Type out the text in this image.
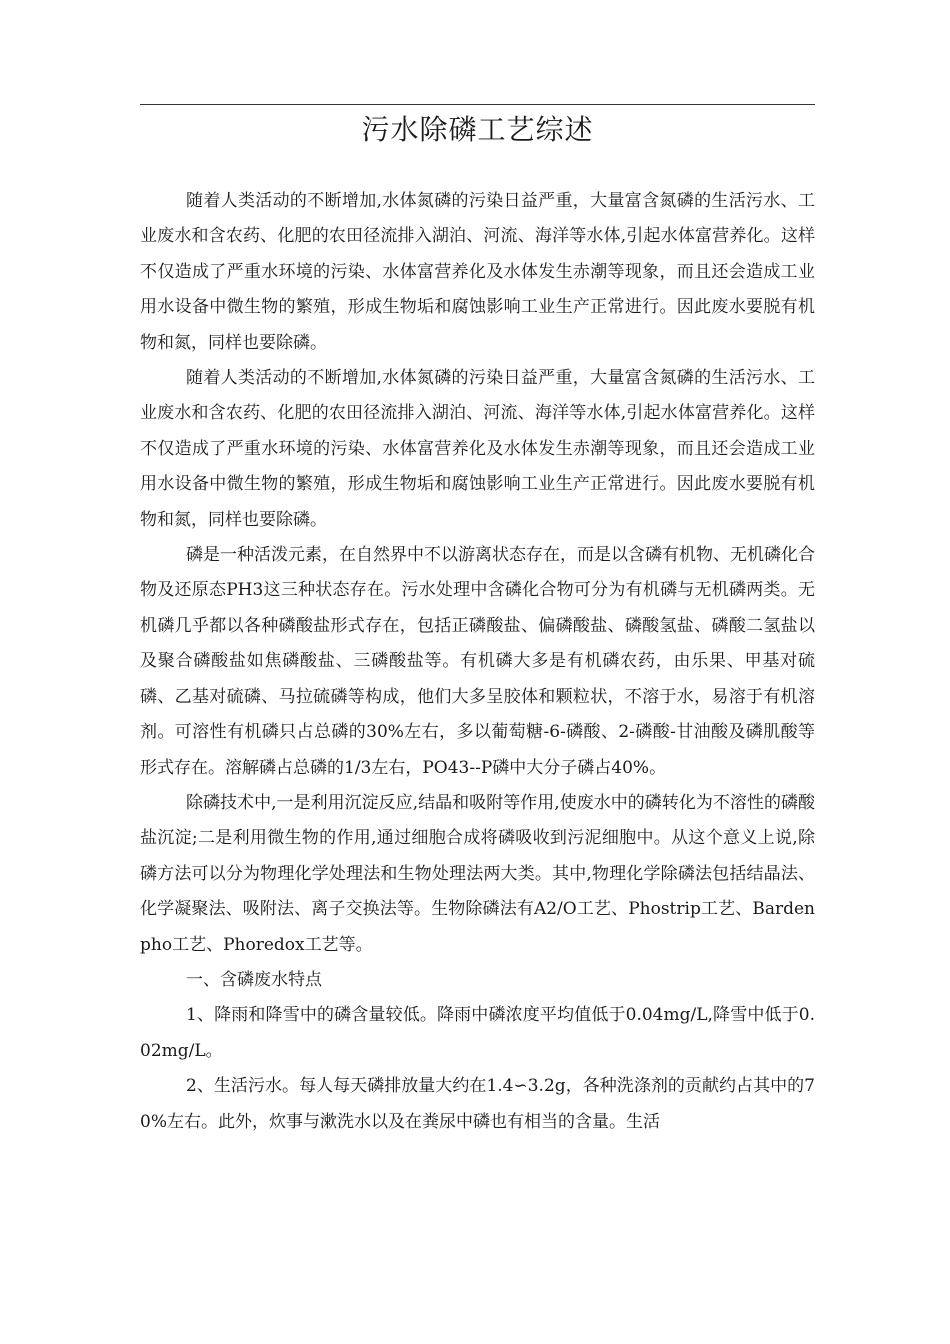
污水除磷工艺综述

随着人类活动的不断增加,水体氮磷的污染日益严重，大量富含氮磷的生活污水、工业废水和含农药、化肥的农田径流排入湖泊、河流、海洋等水体,引起水体富营养化。这样不仅造成了严重水环境的污染、水体富营养化及水体发生赤潮等现象，而且还会造成工业用水设备中微生物的繁殖，形成生物垢和腐蚀影响工业生产正常进行。因此废水要脱有机物和氮，同样也要除磷。

随着人类活动的不断增加,水体氮磷的污染日益严重，大量富含氮磷的生活污水、工业废水和含农药、化肥的农田径流排入湖泊、河流、海洋等水体,引起水体富营养化。这样不仅造成了严重水环境的污染、水体富营养化及水体发生赤潮等现象，而且还会造成工业用水设备中微生物的繁殖，形成生物垢和腐蚀影响工业生产正常进行。因此废水要脱有机物和氮，同样也要除磷。

磷是一种活泼元素，在自然界中不以游离状态存在，而是以含磷有机物、无机磷化合物及还原态PH3这三种状态存在。污水处理中含磷化合物可分为有机磷与无机磷两类。无机磷几乎都以各种磷酸盐形式存在，包括正磷酸盐、偏磷酸盐、磷酸氢盐、磷酸二氢盐以及聚合磷酸盐如焦磷酸盐、三磷酸盐等。有机磷大多是有机磷农药，由乐果、甲基对硫磷、乙基对硫磷、马拉硫磷等构成，他们大多呈胶体和颗粒状，不溶于水，易溶于有机溶剂。可溶性有机磷只占总磷的30%左右，多以葡萄糖-6-磷酸、2-磷酸-甘油酸及磷肌酸等形式存在。溶解磷占总磷的1/3左右，PO43--P磷中大分子磷占40%。

除磷技术中,一是利用沉淀反应,结晶和吸附等作用,使废水中的磷转化为不溶性的磷酸盐沉淀;二是利用微生物的作用,通过细胞合成将磷吸收到污泥细胞中。从这个意义上说,除磷方法可以分为物理化学处理法和生物处理法两大类。其中,物理化学除磷法包括结晶法、化学凝聚法、吸附法、离子交换法等。生物除磷法有A2/O工艺、Phostrip工艺、Bardenpho工艺、Phoredox工艺等。

一、含磷废水特点

1、降雨和降雪中的磷含量较低。降雨中磷浓度平均值低于0.04mg/L,降雪中低于0.02mg/L。

2、生活污水。每人每天磷排放量大约在1.4∽3.2g，各种洗涤剂的贡献约占其中的70%左右。此外，炊事与漱洗水以及在粪尿中磷也有相当的含量。生活
